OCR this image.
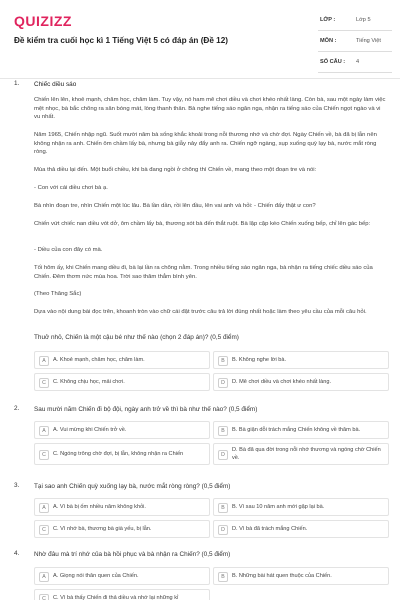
QUIZIZZ
Đề kiểm tra cuối học kì 1 Tiếng Việt 5 có đáp án (Đề 12)
LỚP :	Lớp 5
MÔN :	Tiếng Việt
SỐ CÂU : 4
1. Chiếc diều sáo
Chiến lên lên, khoẻ mạnh, chăm học, chăm làm. Tuy vậy, nó ham mê chơi diều và chơi khéo nhất làng. Còn bà, sau một ngày làm việc mệt nhọc, bà bắc chõng ra sân bóng mát, lòng thanh thản. Bà nghe tiếng sáo ngân nga, nhận ra tiếng sáo của Chiến ngọt ngào và vi vu nhất.
Năm 1965, Chiến nhập ngũ. Suốt mười năm bà sống khắc khoải trong nỗi thương nhớ và chờ đợi. Ngày Chiến về, bà đã bị lẫn nên không nhận ra anh. Chiến ôm chầm lấy bà, nhưng bà giẫy nảy đẩy anh ra. Chiến ngỡ ngàng, sụp xuống quỳ lạy bà, nước mắt ròng ròng.
Mùa thả diều lại đến. Một buổi chiều, khi bà đang ngồi ở chõng thì Chiến về, mang theo một đoạn tre và nói:
- Con với cái diều chơi bà ạ.
Bà nhìn đoạn tre, nhìn Chiến một lúc lâu. Bà lần dần, rồi lên đầu, lên vai anh và hỏi: - Chiến đấy thật ư con?
Chiến vứt chiếc nan diều vót dở, ôm chầm lấy bà, thương xót bà đến thắt ruột. Bà lặp cặp kéo Chiến xuống bếp, chỉ lên gác bếp:
- Diều của con đây có mà.
Tối hôm ấy, khi Chiến mang diều đi, bà lại lần ra chõng nằm. Trong nhiều tiếng sáo ngân nga, bà nhận ra tiếng chiếc diều sáo của Chiến. Đêm thơm nức mùa hoa. Trời sao thăm thẳm bình yên.
(Theo Thăng Sắc)
Dựa vào nội dung bài đọc trên, khoanh tròn vào chữ cái đặt trước câu trả lời đúng nhất hoặc làm theo yêu cầu của mỗi câu hỏi.
Thuở nhỏ, Chiến là một cậu bé như thế nào (chọn 2 đáp án)? (0,5 điểm)
A	A. Khoẻ mạnh, chăm học, chăm làm.	B	B. Không nghe lời bà.
C	C. Không chịu học, mải chơi.	D	D. Mê chơi diều và chơi khéo nhất làng.
2. Sau mười năm Chiến đi bộ đội, ngày anh trở về thì bà như thế nào? (0,5 điểm)
A	A. Vui mừng khi Chiến trở về.	B	B. Bà giận dỗi trách mắng Chiến không về thăm bà.
C	C. Ngóng trông chờ đợi, bị lẫn, không nhận ra Chiến	D
D. Bà đã qua đời trong nỗi nhớ thương và ngóng chờ Chiến về.
3. Tại sao anh Chiến quỳ xuống lạy bà, nước mắt ròng ròng? (0,5 điểm)
A	A. Vì bà bị ốm nhiều năm không khỏi.	B	B. Vì sau 10 năm anh mới gặp lại bà.
C	C. Vì nhớ bà, thương bà già yếu, bị lẫn.	D	D. Vì bà đã trách mắng Chiến.
4. Nhờ đâu mà trí nhớ của bà hồi phục và bà nhận ra Chiến? (0,5 điểm)
A	A. Giọng nói thân quen của Chiến.	B	B. Những bài hát quen thuộc của Chiến.
C	C. Vì bà thấy Chiến đi thả diều và nhớ lại những kỉ
